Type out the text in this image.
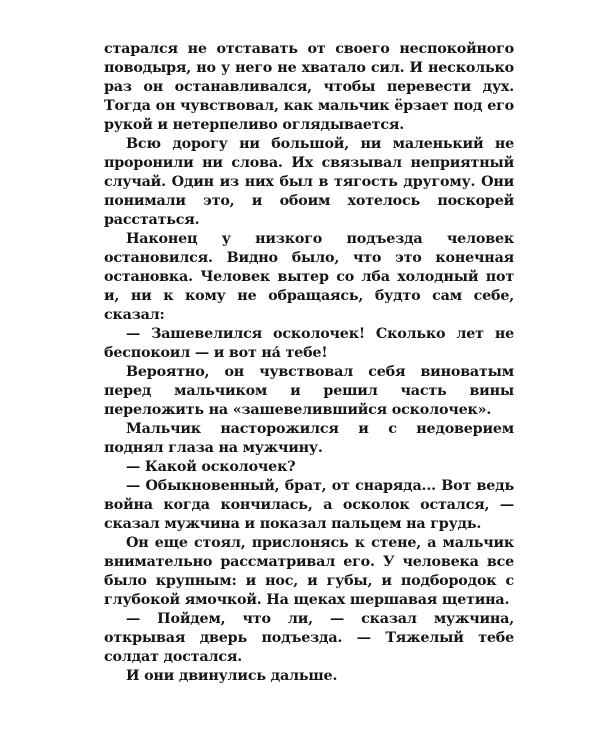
старался не отставать от своего неспокойного поводыря, но у него не хватало сил. И несколько раз он останавливался, чтобы перевести дух. Тогда он чувствовал, как мальчик ёрзает под его рукой и нетерпеливо оглядывается.

Всю дорогу ни большой, ни маленький не проронили ни слова. Их связывал неприятный случай. Один из них был в тягость другому. Они понимали это, и обоим хотелось поскорей расстаться.

Наконец у низкого подъезда человек остановился. Видно было, что это конечная остановка. Человек вытер со лба холодный пот и, ни к кому не обращаясь, будто сам себе, сказал:

— Зашевелился осколочек! Сколько лет не беспокоил — и вот на́ тебе!

Вероятно, он чувствовал себя виноватым перед мальчиком и решил часть вины переложить на «зашевелившийся осколочек».

Мальчик насторожился и с недоверием поднял глаза на мужчину.

— Какой осколочек?

— Обыкновенный, брат, от снаряда... Вот ведь война когда кончилась, а осколок остался, — сказал мужчина и показал пальцем на грудь.

Он еще стоял, прислонясь к стене, а мальчик внимательно рассматривал его. У человека все было крупным: и нос, и губы, и подбородок с глубокой ямочкой. На щеках шершавая щетина.

— Пойдем, что ли, — сказал мужчина, открывая дверь подъезда. — Тяжелый тебе солдат достался.

И они двинулись дальше.
